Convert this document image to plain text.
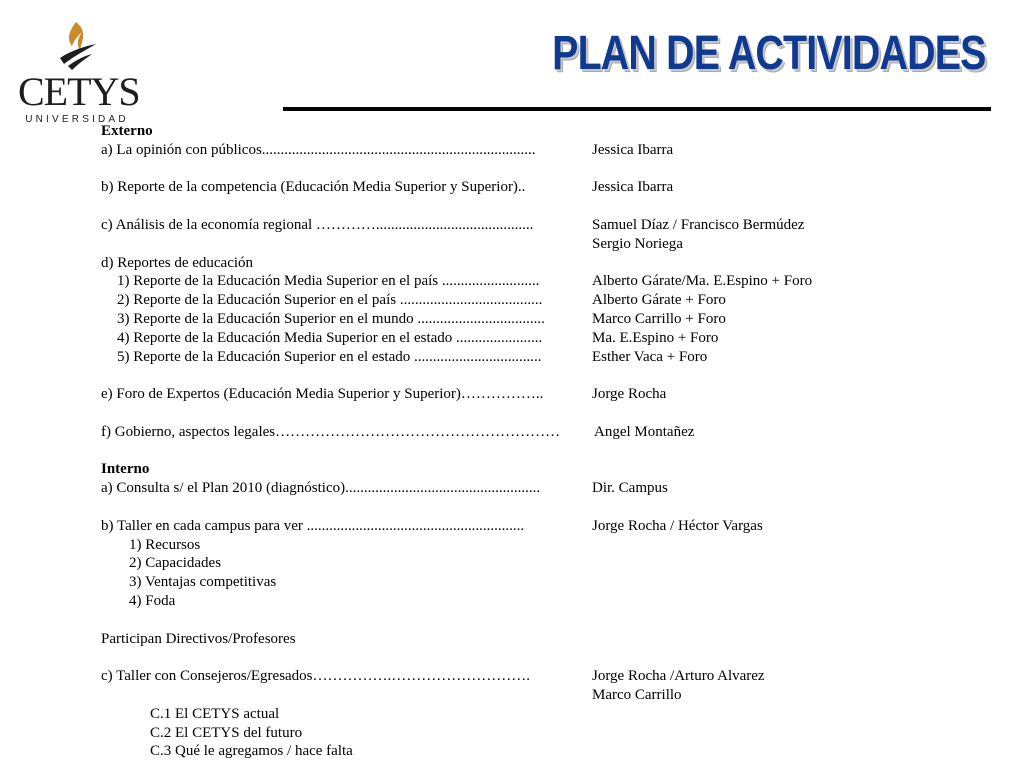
CETYS
UNIVERSIDAD
PLAN DE ACTIVIDADES
Externo
a) La opinión con públicos.........................................................................	Jessica Ibarra
b) Reporte de la competencia (Educación Media Superior y Superior)..	Jessica Ibarra
c) Análisis de la economía regional …………..........................................	Samuel Díaz / Francisco Bermúdez
Sergio Noriega
d) Reportes de educación
1) Reporte de la Educación Media Superior en el país ..........................	Alberto Gárate/Ma. E.Espino + Foro
2) Reporte de la Educación Superior en el país ......................................	Alberto Gárate + Foro
3) Reporte de la Educación Superior en el mundo ..................................	Marco Carrillo + Foro
4) Reporte de la Educación Media Superior en el estado .......................	Ma. E.Espino + Foro
5) Reporte de la Educación Superior en el estado ..................................	Esther Vaca + Foro
e) Foro de Expertos (Educación Media Superior y Superior)……………..	Jorge Rocha
f) Gobierno, aspectos legales………………………………………………… Angel Montañez
Interno
a) Consulta s/ el Plan 2010 (diagnóstico)....................................................	Dir. Campus
b) Taller en cada campus para ver ..........................................................	Jorge Rocha / Héctor Vargas
1) Recursos
2) Capacidades
3) Ventajas competitivas
4) Foda
Participan Directivos/Profesores
c) Taller con Consejeros/Egresados…………….……………………….	Jorge Rocha /Arturo Alvarez
Marco Carrillo
C.1 El CETYS actual
C.2 El CETYS del futuro
C.3 Qué le agregamos / hace falta
